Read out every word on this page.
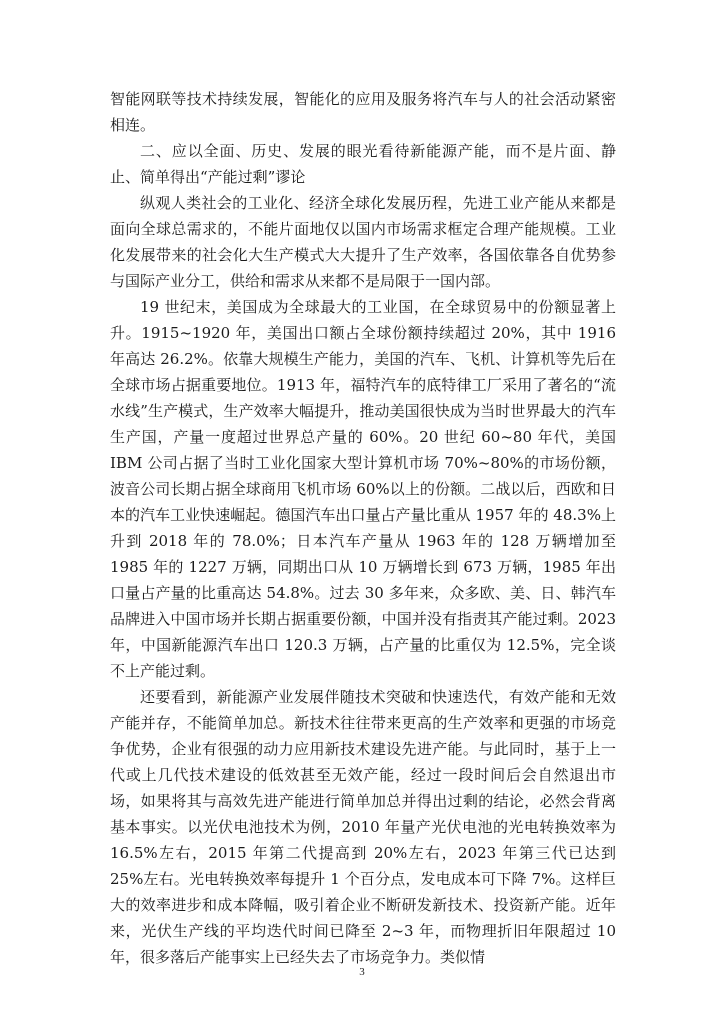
智能网联等技术持续发展，智能化的应用及服务将汽车与人的社会活动紧密相连。

二、应以全面、历史、发展的眼光看待新能源产能，而不是片面、静止、简单得出“产能过剩”谬论

纵观人类社会的工业化、经济全球化发展历程，先进工业产能从来都是面向全球总需求的，不能片面地仅以国内市场需求框定合理产能规模。工业化发展带来的社会化大生产模式大大提升了生产效率，各国依靠各自优势参与国际产业分工，供给和需求从来都不是局限于一国内部。

19 世纪末，美国成为全球最大的工业国，在全球贸易中的份额显著上升。1915~1920 年，美国出口额占全球份额持续超过 20%，其中 1916 年高达 26.2%。依靠大规模生产能力，美国的汽车、飞机、计算机等先后在全球市场占据重要地位。1913 年，福特汽车的底特律工厂采用了著名的“流水线”生产模式，生产效率大幅提升，推动美国很快成为当时世界最大的汽车生产国，产量一度超过世界总产量的 60%。20 世纪 60~80 年代，美国 IBM 公司占据了当时工业化国家大型计算机市场 70%~80%的市场份额，波音公司长期占据全球商用飞机市场 60%以上的份额。二战以后，西欧和日本的汽车工业快速崛起。德国汽车出口量占产量比重从 1957 年的 48.3%上升到 2018 年的 78.0%；日本汽车产量从 1963 年的 128 万辆增加至 1985 年的 1227 万辆，同期出口从 10 万辆增长到 673 万辆，1985 年出口量占产量的比重高达 54.8%。过去 30 多年来，众多欧、美、日、韩汽车品牌进入中国市场并长期占据重要份额，中国并没有指责其产能过剩。2023 年，中国新能源汽车出口 120.3 万辆，占产量的比重仅为 12.5%，完全谈不上产能过剩。

还要看到，新能源产业发展伴随技术突破和快速迭代，有效产能和无效产能并存，不能简单加总。新技术往往带来更高的生产效率和更强的市场竞争优势，企业有很强的动力应用新技术建设先进产能。与此同时，基于上一代或上几代技术建设的低效甚至无效产能，经过一段时间后会自然退出市场，如果将其与高效先进产能进行简单加总并得出过剩的结论，必然会背离基本事实。以光伏电池技术为例，2010 年量产光伏电池的光电转换效率为 16.5%左右，2015 年第二代提高到 20%左右，2023 年第三代已达到 25%左右。光电转换效率每提升 1 个百分点，发电成本可下降 7%。这样巨大的效率进步和成本降幅，吸引着企业不断研发新技术、投资新产能。近年来，光伏生产线的平均迭代时间已降至 2~3 年，而物理折旧年限超过 10 年，很多落后产能事实上已经失去了市场竞争力。类似情

3
